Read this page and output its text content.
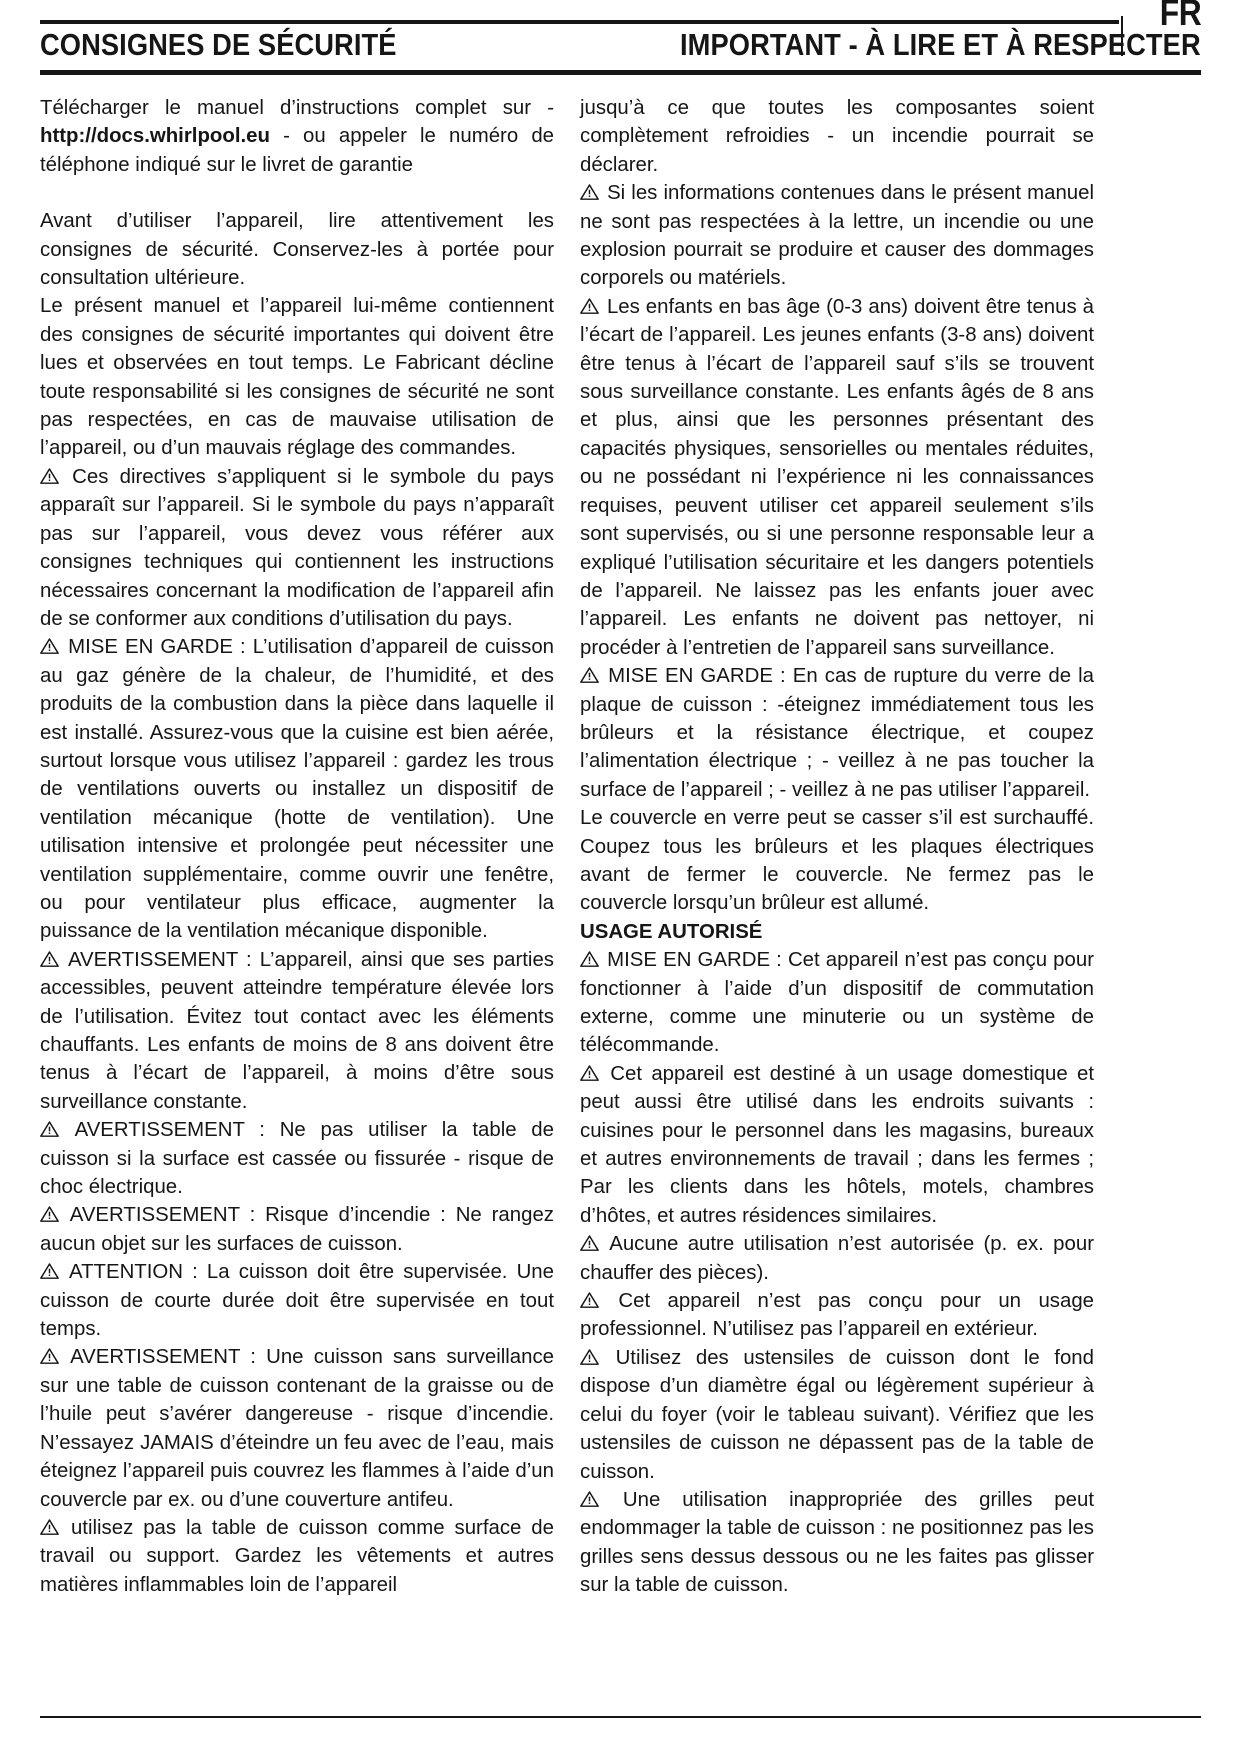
FR
CONSIGNES DE SÉCURITÉ	IMPORTANT - À LIRE ET À RESPECTER

Télécharger le manuel d’instructions complet sur - http://docs.whirlpool.eu - ou appeler le numéro de téléphone indiqué sur le livret de garantie

Avant d’utiliser l’appareil, lire attentivement les consignes de sécurité. Conservez-les à portée pour consultation ultérieure.

Le présent manuel et l’appareil lui-même contiennent des consignes de sécurité importantes qui doivent être lues et observées en tout temps. Le Fabricant décline toute responsabilité si les consignes de sécurité ne sont pas respectées, en cas de mauvaise utilisation de l’appareil, ou d’un mauvais réglage des commandes.

Ces directives s’appliquent si le symbole du pays apparaît sur l’appareil. Si le symbole du pays n’apparaît pas sur l’appareil, vous devez vous référer aux consignes techniques qui contiennent les instructions nécessaires concernant la modification de l’appareil afin de se conformer aux conditions d’utilisation du pays.

MISE EN GARDE : L’utilisation d’appareil de cuisson au gaz génère de la chaleur, de l’humidité, et des produits de la combustion dans la pièce dans laquelle il est installé. Assurez-vous que la cuisine est bien aérée, surtout lorsque vous utilisez l’appareil : gardez les trous de ventilations ouverts ou installez un dispositif de ventilation mécanique (hotte de ventilation). Une utilisation intensive et prolongée peut nécessiter une ventilation supplémentaire, comme ouvrir une fenêtre, ou pour ventilateur plus efficace, augmenter la puissance de la ventilation mécanique disponible.

AVERTISSEMENT : L’appareil, ainsi que ses parties accessibles, peuvent atteindre température élevée lors de l’utilisation. Évitez tout contact avec les éléments chauffants. Les enfants de moins de 8 ans doivent être tenus à l’écart de l’appareil, à moins d’être sous surveillance constante.

AVERTISSEMENT : Ne pas utiliser la table de cuisson si la surface est cassée ou fissurée - risque de choc électrique.

AVERTISSEMENT : Risque d’incendie : Ne rangez aucun objet sur les surfaces de cuisson.

ATTENTION : La cuisson doit être supervisée. Une cuisson de courte durée doit être supervisée en tout temps.

AVERTISSEMENT : Une cuisson sans surveillance sur une table de cuisson contenant de la graisse ou de l’huile peut s’avérer dangereuse - risque d’incendie. N’essayez JAMAIS d’éteindre un feu avec de l’eau, mais éteignez l’appareil puis couvrez les flammes à l’aide d’un couvercle par ex. ou d’une couverture antifeu.

utilisez pas la table de cuisson comme surface de travail ou support. Gardez les vêtements et autres matières inflammables loin de l’appareil

jusqu’à ce que toutes les composantes soient complètement refroidies - un incendie pourrait se déclarer.

Si les informations contenues dans le présent manuel ne sont pas respectées à la lettre, un incendie ou une explosion pourrait se produire et causer des dommages corporels ou matériels.

Les enfants en bas âge (0-3 ans) doivent être tenus à l’écart de l’appareil. Les jeunes enfants (3-8 ans) doivent être tenus à l’écart de l’appareil sauf s’ils se trouvent sous surveillance constante. Les enfants âgés de 8 ans et plus, ainsi que les personnes présentant des capacités physiques, sensorielles ou mentales réduites, ou ne possédant ni l’expérience ni les connaissances requises, peuvent utiliser cet appareil seulement s’ils sont supervisés, ou si une personne responsable leur a expliqué l’utilisation sécuritaire et les dangers potentiels de l’appareil. Ne laissez pas les enfants jouer avec l’appareil. Les enfants ne doivent pas nettoyer, ni procéder à l’entretien de l’appareil sans surveillance.

MISE EN GARDE : En cas de rupture du verre de la plaque de cuisson : -éteignez immédiatement tous les brûleurs et la résistance électrique, et coupez l’alimentation électrique ; - veillez à ne pas toucher la surface de l’appareil ; - veillez à ne pas utiliser l’appareil.

Le couvercle en verre peut se casser s’il est surchauffé. Coupez tous les brûleurs et les plaques électriques avant de fermer le couvercle. Ne fermez pas le couvercle lorsqu’un brûleur est allumé.

USAGE AUTORISÉ

MISE EN GARDE : Cet appareil n’est pas conçu pour fonctionner à l’aide d’un dispositif de commutation externe, comme une minuterie ou un système de télécommande.

Cet appareil est destiné à un usage domestique et peut aussi être utilisé dans les endroits suivants : cuisines pour le personnel dans les magasins, bureaux et autres environnements de travail ; dans les fermes ; Par les clients dans les hôtels, motels, chambres d’hôtes, et autres résidences similaires.

Aucune autre utilisation n’est autorisée (p. ex. pour chauffer des pièces).

Cet appareil n’est pas conçu pour un usage professionnel. N’utilisez pas l’appareil en extérieur.

Utilisez des ustensiles de cuisson dont le fond dispose d’un diamètre égal ou légèrement supérieur à celui du foyer (voir le tableau suivant). Vérifiez que les ustensiles de cuisson ne dépassent pas de la table de cuisson.

Une utilisation inappropriée des grilles peut endommager la table de cuisson : ne positionnez pas les grilles sens dessus dessous ou ne les faites pas glisser sur la table de cuisson.
